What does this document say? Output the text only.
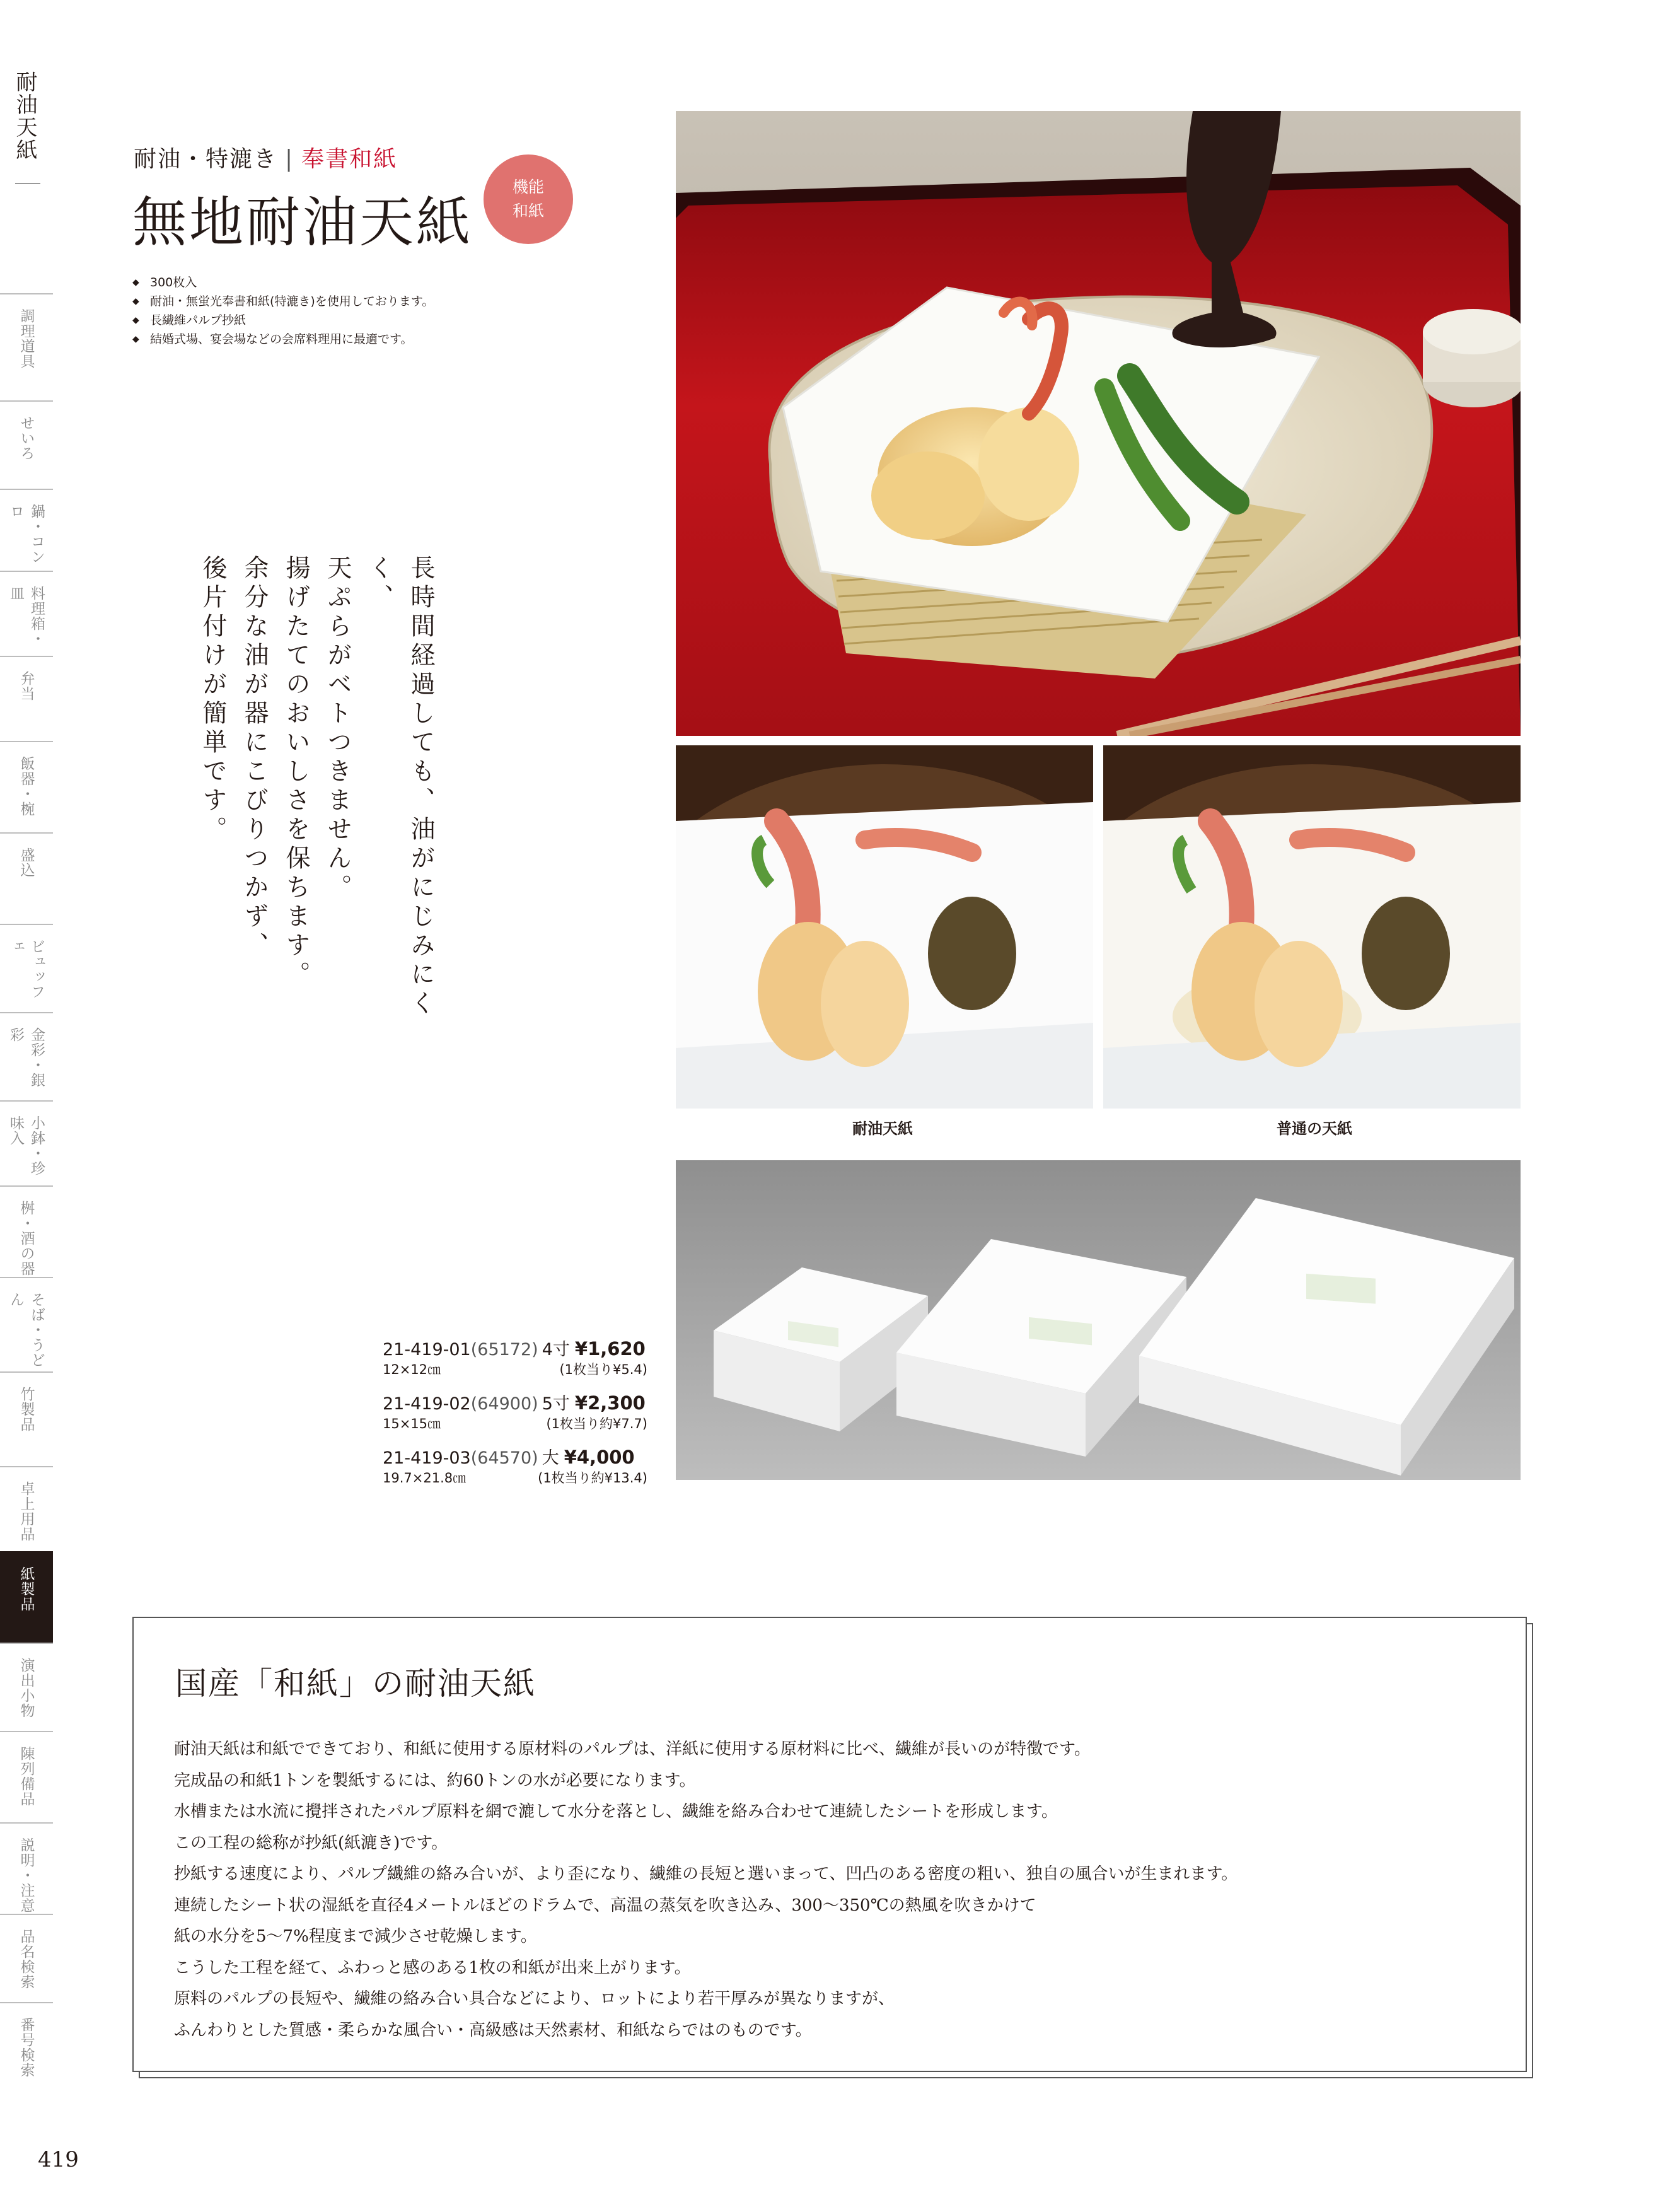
耐油天紙
調理道具
せいろ
鍋・コンロ
料理箱・皿
弁当
飯器・椀
盛込
ビュッフェ
金彩・銀彩
小鉢・珍味入
桝・酒の器
そば・うどん
竹製品
卓上用品
紙製品
演出小物
陳列備品
説明・注意
品名検索
番号検索
419
耐油・特漉き | 奉書和紙
無地耐油天紙
機能
和紙
◆ 300枚入
◆ 耐油・無蛍光奉書和紙(特漉き)を使用しております。
◆ 長繊維パルプ抄紙
◆ 結婚式場、宴会場などの会席料理用に最適です。

長時間経過しても、油がにじみにくく、

天ぷらがベトつきません。

揚げたてのおいしさを保ちます。

余分な油が器にこびりつかず、

後片付けが簡単です。

耐油天紙	普通の天紙
21-419-01(65172) 4寸 ¥1,620
12×12㎝	(1枚当り¥5.4)
21-419-02(64900) 5寸 ¥2,300
15×15㎝	(1枚当り約¥7.7)
21-419-03(64570) 大 ¥4,000
19.7×21.8㎝	(1枚当り約¥13.4)
国産「和紙」の耐油天紙

耐油天紙は和紙でできており、和紙に使用する原材料のパルプは、洋紙に使用する原材料に比べ、繊維が長いのが特徴です。

完成品の和紙1トンを製紙するには、約60トンの水が必要になります。

水槽または水流に攪拌されたパルプ原料を網で漉して水分を落とし、繊維を絡み合わせて連続したシートを形成します。

この工程の総称が抄紙(紙漉き)です。

抄紙する速度により、パルプ繊維の絡み合いが、より歪になり、繊維の長短と選いまって、凹凸のある密度の粗い、独自の風合いが生まれます。

連続したシート状の湿紙を直径4メートルほどのドラムで、高温の蒸気を吹き込み、300〜350℃の熱風を吹きかけて

紙の水分を5〜7%程度まで減少させ乾燥します。

こうした工程を経て、ふわっと感のある1枚の和紙が出来上がります。

原料のパルプの長短や、繊維の絡み合い具合などにより、ロットにより若干厚みが異なりますが、

ふんわりとした質感・柔らかな風合い・高級感は天然素材、和紙ならではのものです。
